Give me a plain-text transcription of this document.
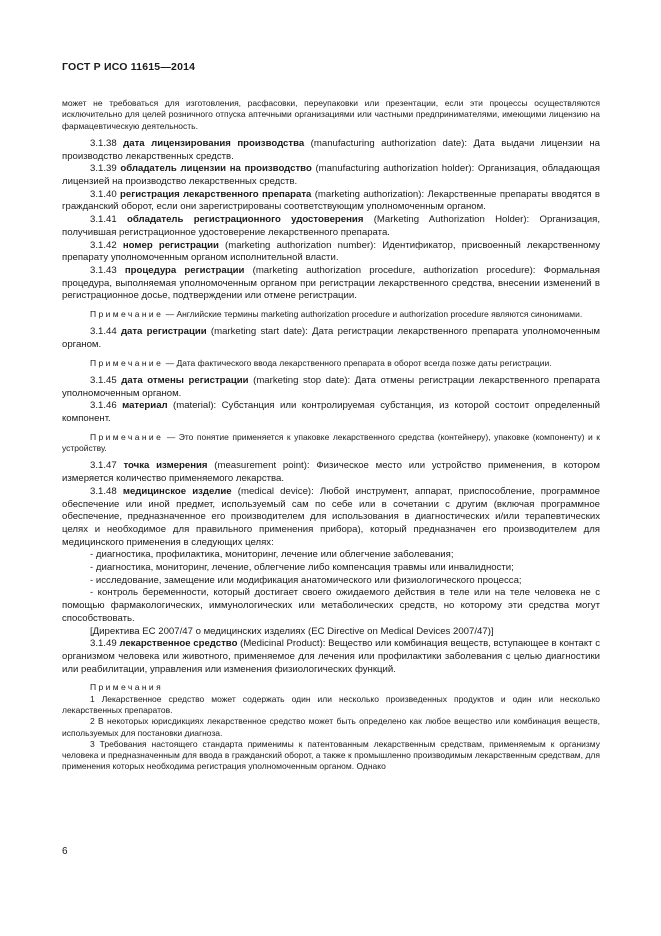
ГОСТ Р ИСО 11615—2014

может не требоваться для изготовления, расфасовки, переупаковки или презентации, если эти процессы осуществляются исключительно для целей розничного отпуска аптечными организациями или частными предпринимателями, имеющими лицензию на фармацевтическую деятельность.

3.1.38 дата лицензирования производства (manufacturing authorization date): Дата выдачи лицензии на производство лекарственных средств.

3.1.39 обладатель лицензии на производство (manufacturing authorization holder): Организация, обладающая лицензией на производство лекарственных средств.

3.1.40 регистрация лекарственного препарата (marketing authorization): Лекарственные препараты вводятся в гражданский оборот, если они зарегистрированы соответствующим уполномоченным органом.

3.1.41 обладатель регистрационного удостоверения (Marketing Authorization Holder): Организация, получившая регистрационное удостоверение лекарственного препарата.

3.1.42 номер регистрации (marketing authorization number): Идентификатор, присвоенный лекарственному препарату уполномоченным органом исполнительной власти.

3.1.43 процедура регистрации (marketing authorization procedure, authorization procedure): Формальная процедура, выполняемая уполномоченным органом при регистрации лекарственного средства, внесении изменений в регистрационное досье, подтверждении или отмене регистрации.

Примечание — Английские термины marketing authorization procedure и authorization procedure являются синонимами.

3.1.44 дата регистрации (marketing start date): Дата регистрации лекарственного препарата уполномоченным органом.

Примечание — Дата фактического ввода лекарственного препарата в оборот всегда позже даты регистрации.

3.1.45 дата отмены регистрации (marketing stop date): Дата отмены регистрации лекарственного препарата уполномоченным органом.

3.1.46 материал (material): Субстанция или контролируемая субстанция, из которой состоит определенный компонент.

Примечание — Это понятие применяется к упаковке лекарственного средства (контейнеру), упаковке (компоненту) и к устройству.

3.1.47 точка измерения (measurement point): Физическое место или устройство применения, в котором измеряется количество применяемого лекарства.

3.1.48 медицинское изделие (medical device): Любой инструмент, аппарат, приспособление, программное обеспечение или иной предмет, используемый сам по себе или в сочетании с другим (включая программное обеспечение, предназначенное его производителем для использования в диагностических и/или терапевтических целях и необходимое для правильного применения прибора), который предназначен его производителем для медицинского применения в следующих целях:

- диагностика, профилактика, мониторинг, лечение или облегчение заболевания;

- диагностика, мониторинг, лечение, облегчение либо компенсация травмы или инвалидности;

- исследование, замещение или модификация анатомического или физиологического процесса;

- контроль беременности, который достигает своего ожидаемого действия в теле или на теле человека не с помощью фармакологических, иммунологических или метаболических средств, но которому эти средства могут способствовать.

[Директива ЕС 2007/47 о медицинских изделиях (EC Directive on Medical Devices 2007/47)]

3.1.49 лекарственное средство (Medicinal Product): Вещество или комбинация веществ, вступающее в контакт с организмом человека или животного, применяемое для лечения или профилактики заболевания с целью диагностики или реабилитации, управления или изменения физиологических функций.

Примечания

1 Лекарственное средство может содержать один или несколько произведенных продуктов и один или несколько лекарственных препаратов.

2 В некоторых юрисдикциях лекарственное средство может быть определено как любое вещество или комбинация веществ, используемых для постановки диагноза.

3 Требования настоящего стандарта применимы к патентованным лекарственным средствам, применяемым к организму человека и предназначенным для ввода в гражданский оборот, а также к промышленно производимым лекарственным средствам, для применения которых необходима регистрация уполномоченным органом. Однако

6
